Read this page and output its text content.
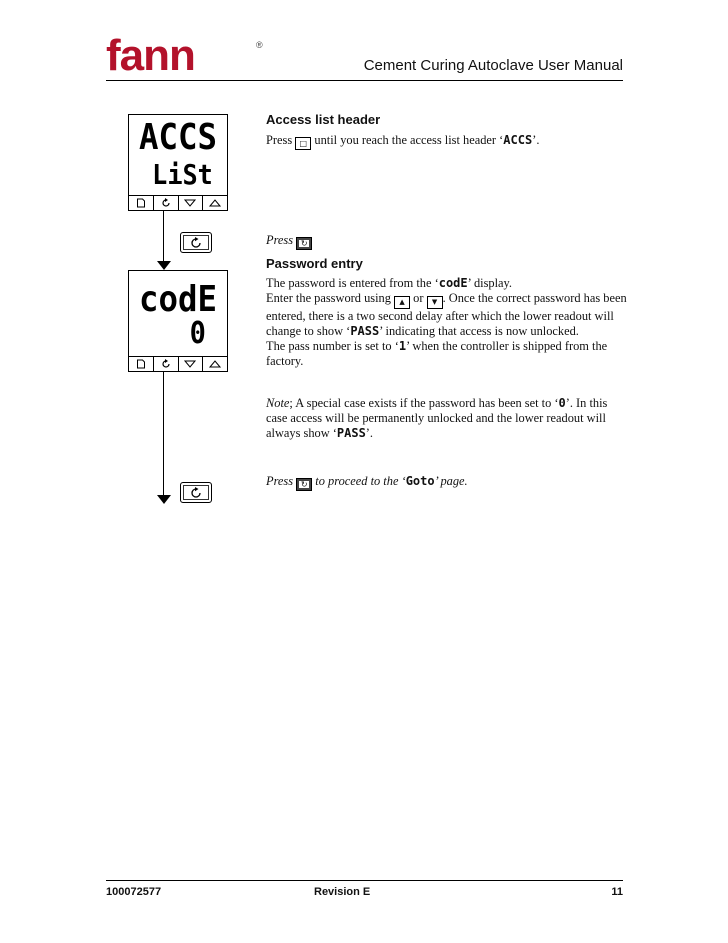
fann	®
Cement Curing Autoclave User Manual
ACCS
LiSt
codE
0

Access list header

Press □ until you reach the access list header ‘ACCS’.

Press ↻

Password entry

The password is entered from the ‘codE’ display.

Enter the password using ▲ or ▼ . Once the correct password has been entered, there is a two second delay after which the lower readout will change to show ‘PASS’ indicating that access is now unlocked.

The pass number is set to ‘1’ when the controller is shipped from the factory.

Note; A special case exists if the password has been set to ‘0’. In this case access will be permanently unlocked and the lower readout will always show ‘PASS’.
Press ↻ to proceed to the ‘Goto’ page.
100072577	Revision E	11
